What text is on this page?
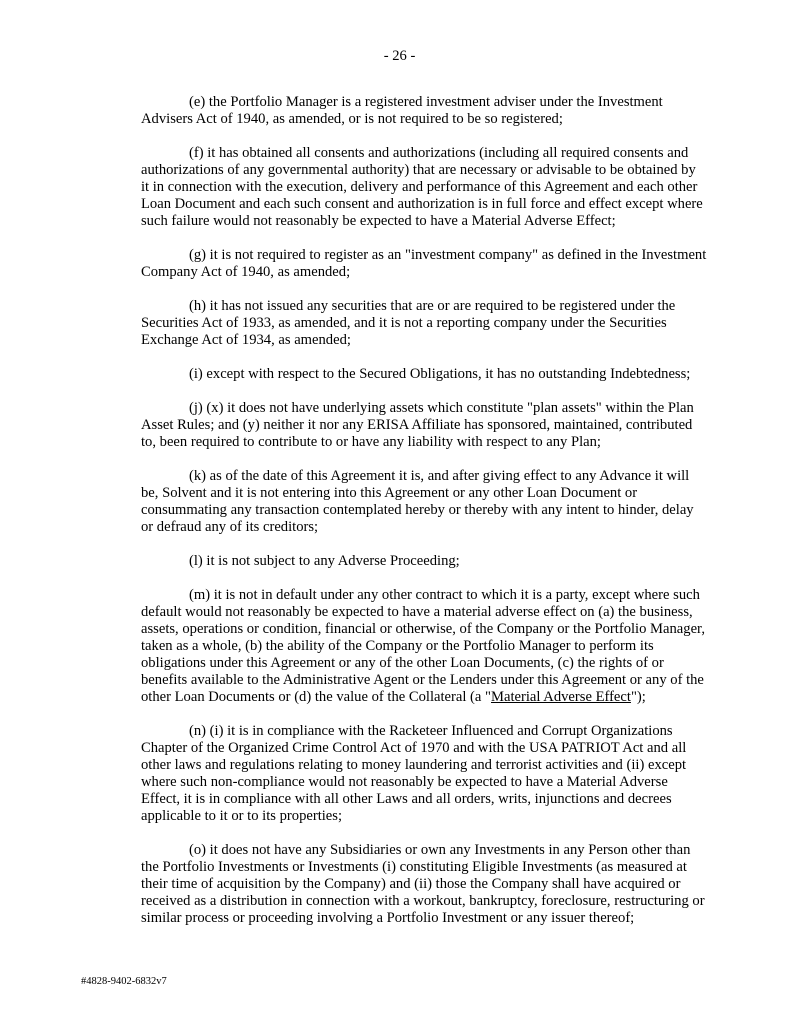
- 26 -

(e) the Portfolio Manager is a registered investment adviser under the Investment Advisers Act of 1940, as amended, or is not required to be so registered;

(f) it has obtained all consents and authorizations (including all required consents and authorizations of any governmental authority) that are necessary or advisable to be obtained by it in connection with the execution, delivery and performance of this Agreement and each other Loan Document and each such consent and authorization is in full force and effect except where such failure would not reasonably be expected to have a Material Adverse Effect;

(g) it is not required to register as an "investment company" as defined in the Investment Company Act of 1940, as amended;

(h) it has not issued any securities that are or are required to be registered under the Securities Act of 1933, as amended, and it is not a reporting company under the Securities Exchange Act of 1934, as amended;

(i) except with respect to the Secured Obligations, it has no outstanding Indebtedness;

(j) (x) it does not have underlying assets which constitute "plan assets" within the Plan Asset Rules; and (y) neither it nor any ERISA Affiliate has sponsored, maintained, contributed to, been required to contribute to or have any liability with respect to any Plan;

(k) as of the date of this Agreement it is, and after giving effect to any Advance it will be, Solvent and it is not entering into this Agreement or any other Loan Document or consummating any transaction contemplated hereby or thereby with any intent to hinder, delay or defraud any of its creditors;

(l) it is not subject to any Adverse Proceeding;

(m) it is not in default under any other contract to which it is a party, except where such default would not reasonably be expected to have a material adverse effect on (a) the business, assets, operations or condition, financial or otherwise, of the Company or the Portfolio Manager, taken as a whole, (b) the ability of the Company or the Portfolio Manager to perform its obligations under this Agreement or any of the other Loan Documents, (c) the rights of or benefits available to the Administrative Agent or the Lenders under this Agreement or any of the other Loan Documents or (d) the value of the Collateral (a "Material Adverse Effect");

(n) (i) it is in compliance with the Racketeer Influenced and Corrupt Organizations Chapter of the Organized Crime Control Act of 1970 and with the USA PATRIOT Act and all other laws and regulations relating to money laundering and terrorist activities and (ii) except where such non-compliance would not reasonably be expected to have a Material Adverse Effect, it is in compliance with all other Laws and all orders, writs, injunctions and decrees applicable to it or to its properties;

(o) it does not have any Subsidiaries or own any Investments in any Person other than the Portfolio Investments or Investments (i) constituting Eligible Investments (as measured at their time of acquisition by the Company) and (ii) those the Company shall have acquired or received as a distribution in connection with a workout, bankruptcy, foreclosure, restructuring or similar process or proceeding involving a Portfolio Investment or any issuer thereof;

#4828-9402-6832v7
